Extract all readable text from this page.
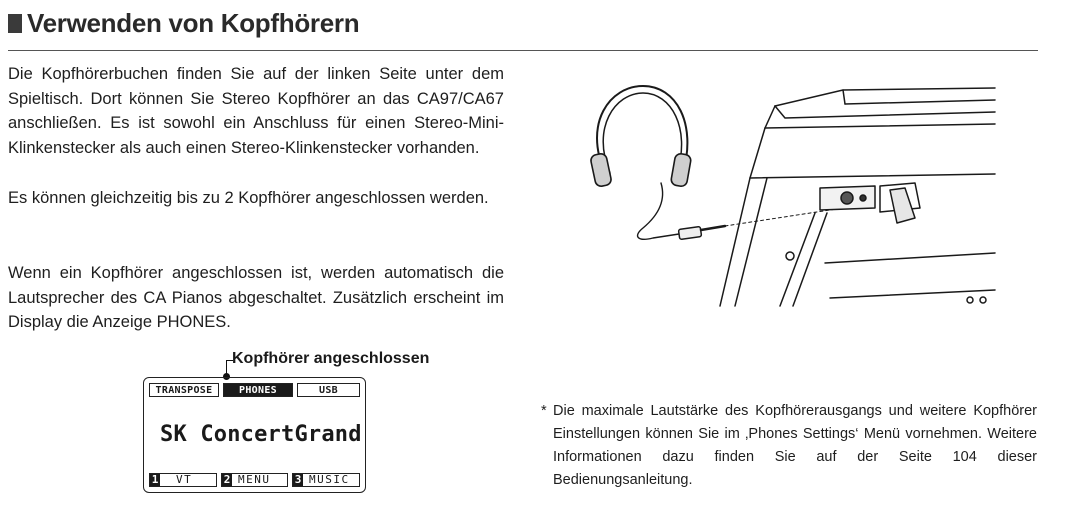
Verwenden von Kopfhörern

Die Kopfhörerbuchen finden Sie auf der linken Seite unter dem Spieltisch. Dort können Sie Stereo Kopfhörer an das CA97/CA67 anschließen. Es ist sowohl ein Anschluss für einen Stereo-Mini-Klinkenstecker als auch einen Stereo-Klinkenstecker vorhanden.

Es können gleichzeitig bis zu 2 Kopfhörer angeschlossen werden.

Wenn ein Kopfhörer angeschlossen ist, werden automatisch die Lautsprecher des CA Pianos abgeschaltet. Zusätzlich erscheint im Display die Anzeige PHONES.

Kopfhörer angeschlossen
TRANSPOSE	PHONES	USB
SK ConcertGrand
1 VT	2 MENU	3 MUSIC
* Die maximale Lautstärke des Kopfhörerausgangs und weitere Kopfhörer Einstellungen können Sie im ‚Phones Settings‘ Menü vornehmen. Weitere Informationen dazu finden Sie auf der Seite 104 dieser Bedienungsanleitung.
